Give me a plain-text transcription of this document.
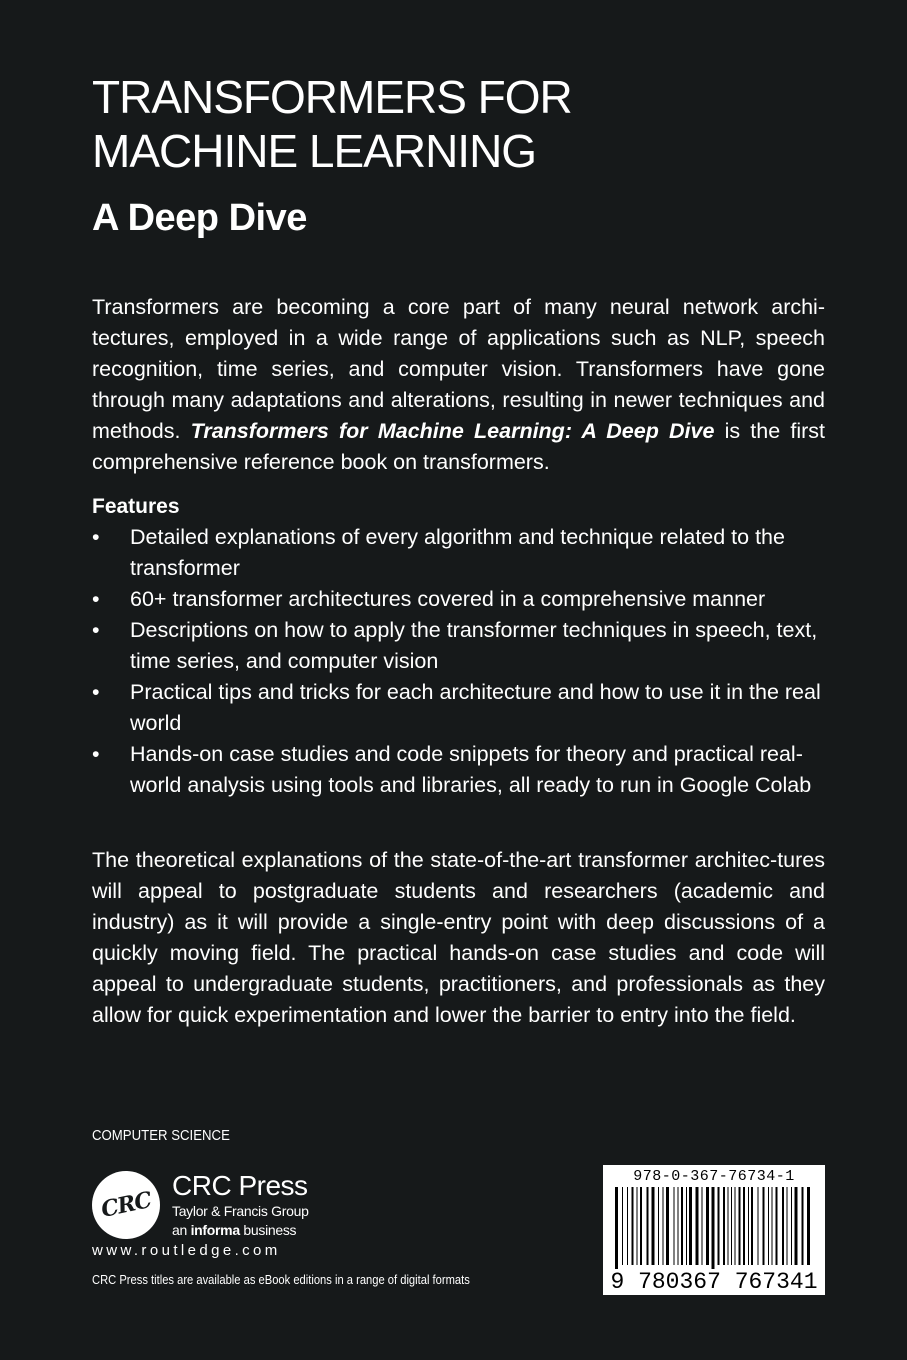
TRANSFORMERS FOR
MACHINE LEARNING
A Deep Dive

Transformers are becoming a core part of many neural network archi-tectures, employed in a wide range of applications such as NLP, speech recognition, time series, and computer vision. Transformers have gone through many adaptations and alterations, resulting in newer techniques and methods. Transformers for Machine Learning: A Deep Dive is the first comprehensive reference book on transformers.

Features
• Detailed explanations of every algorithm and technique related to the transformer
• 60+ transformer architectures covered in a comprehensive manner
• Descriptions on how to apply the transformer techniques in speech, text, time series, and computer vision
• Practical tips and tricks for each architecture and how to use it in the real world
• Hands-on case studies and code snippets for theory and practical real-world analysis using tools and libraries, all ready to run in Google Colab

The theoretical explanations of the state-of-the-art transformer architec-tures will appeal to postgraduate students and researchers (academic and industry) as it will provide a single-entry point with deep discussions of a quickly moving field. The practical hands-on case studies and code will appeal to undergraduate students, practitioners, and professionals as they allow for quick experimentation and lower the barrier to entry into the field.

COMPUTER SCIENCE
CRC
CRC Press
Taylor & Francis Group
an informa business
www.routledge.com
CRC Press titles are available as eBook editions in a range of digital formats
978-0-367-76734-1
9 780367 767341
